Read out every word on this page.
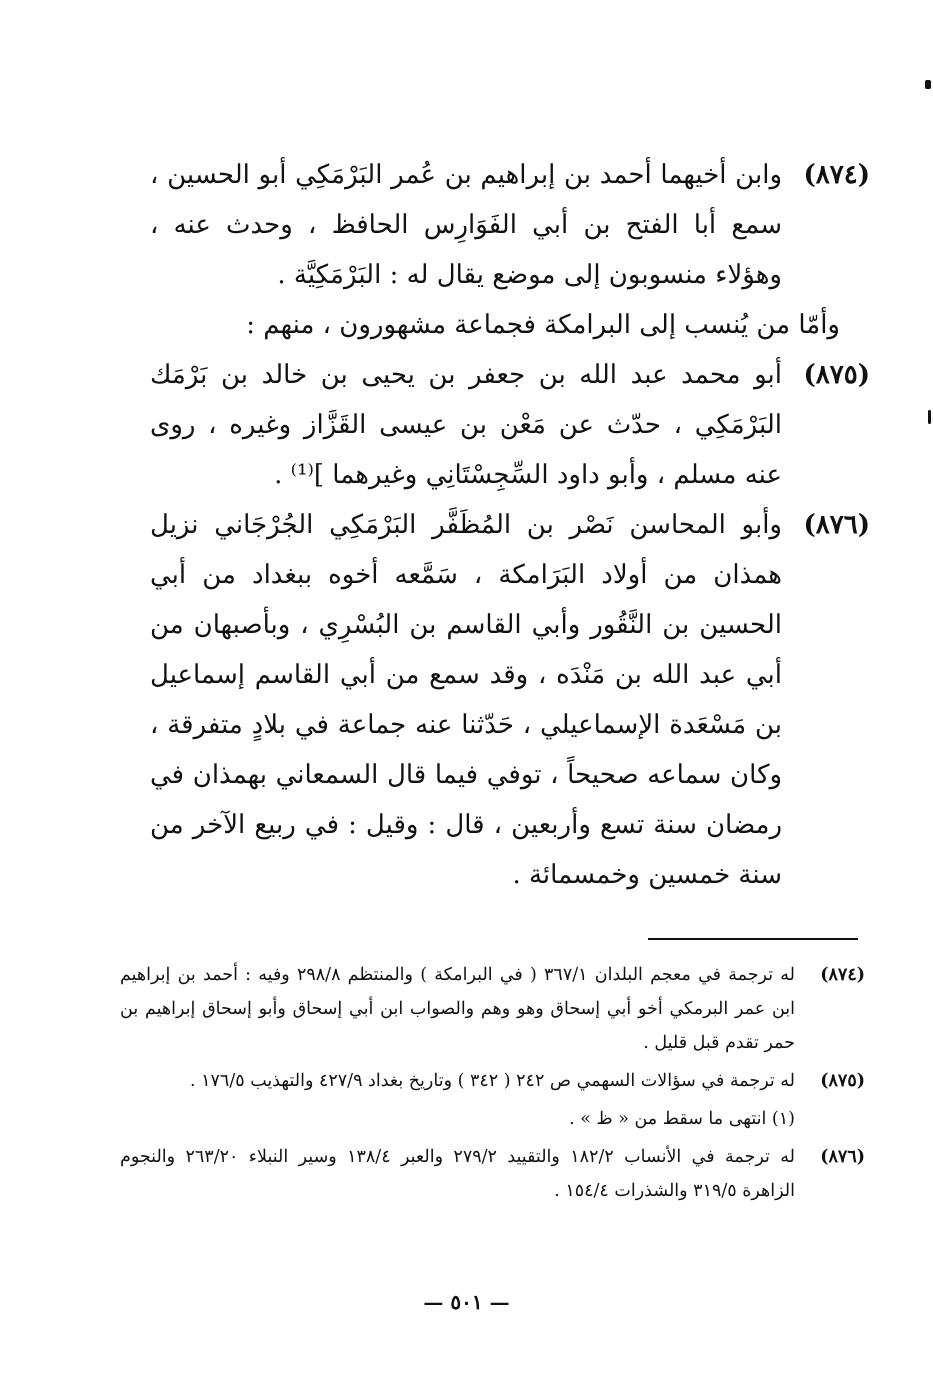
(٨٧٤)
وابن أخيهما أحمد بن إبراهيم بن عُمر البَرْمَكِي أبو الحسين ، سمع أبا الفتح بن أبي الفَوَارِس الحافظ ، وحدث عنه ، وهؤلاء منسوبون إلى موضع يقال له : البَرْمَكِيَّة .
وأمّا من يُنسب إلى البرامكة فجماعة مشهورون ، منهم :
(٨٧٥)
أبو محمد عبد الله بن جعفر بن يحيى بن خالد بن بَرْمَك البَرْمَكِي ، حدّث عن مَعْن بن عيسى القَزَّاز وغيره ، روى عنه مسلم ، وأبو داود السِّجِسْتَانِي وغيرهما ]⁽¹⁾ .
(٨٧٦)
وأبو المحاسن نَصْر بن المُظَفَّر البَرْمَكِي الجُرْجَاني نزيل همذان من أولاد البَرَامكة ، سَمَّعه أخوه ببغداد من أبي الحسين بن النَّقُور وأبي القاسم بن البُسْرِي ، وبأصبهان من أبي عبد الله بن مَنْدَه ، وقد سمع من أبي القاسم إسماعيل بن مَسْعَدة الإسماعيلي ، حَدّثنا عنه جماعة في بلادٍ متفرقة ، وكان سماعه صحيحاً ، توفي فيما قال السمعاني بهمذان في رمضان سنة تسع وأربعين ، قال : وقيل : في ربيع الآخر من سنة خمسين وخمسمائة .
(٨٧٤)
له ترجمة في معجم البلدان ٣٦٧/١ ( في البرامكة ) والمنتظم ٢٩٨/٨ وفيه : أحمد بن إبراهيم ابن عمر البرمكي أخو أبي إسحاق وهو وهم والصواب ابن أبي إسحاق وأبو إسحاق إبراهيم بن حمر تقدم قبل قليل .
(٨٧٥)
له ترجمة في سؤالات السهمي ص ٢٤٢ ( ٣٤٢ ) وتاريخ بغداد ٤٢٧/٩ والتهذيب ١٧٦/٥ .
(١) انتهى ما سقط من « ظ » .
(٨٧٦)
له ترجمة في الأنساب ١٨٢/٢ والتقييد ٢٧٩/٢ والعبر ١٣٨/٤ وسير النبلاء ٢٦٣/٢٠ والنجوم الزاهرة ٣١٩/٥ والشذرات ١٥٤/٤ .
— ٥٠١ —
